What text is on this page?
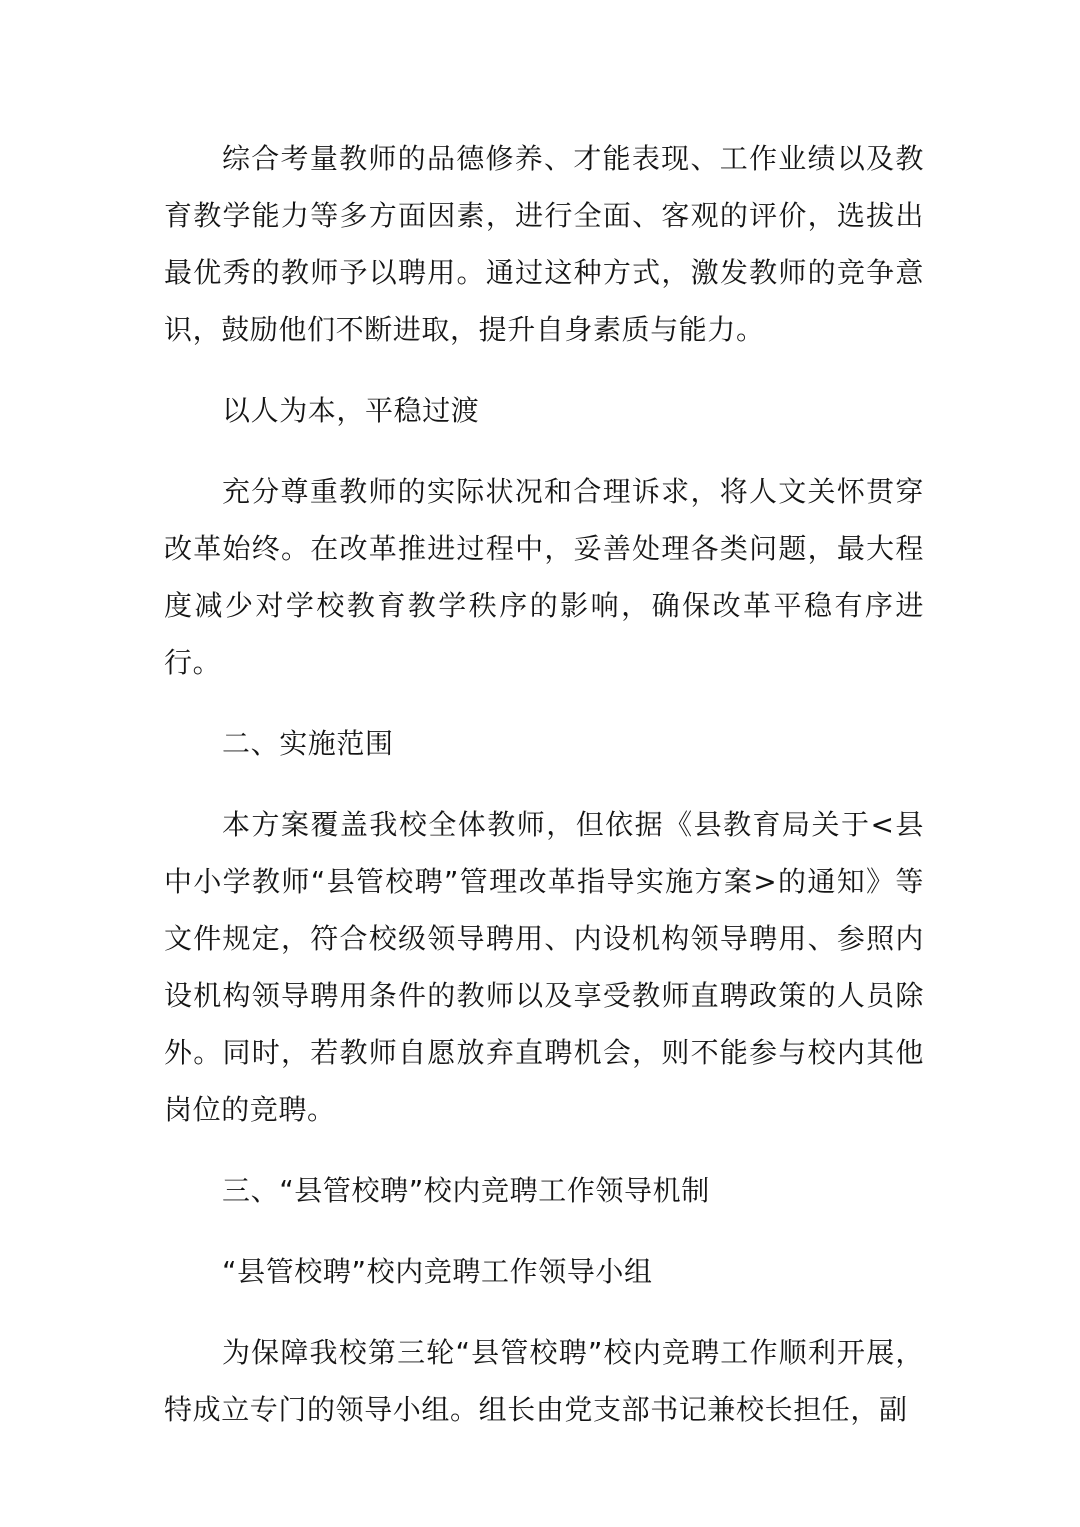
综合考量教师的品德修养、才能表现、工作业绩以及教育教学能力等多方面因素，进行全面、客观的评价，选拔出最优秀的教师予以聘用。通过这种方式，激发教师的竞争意识，鼓励他们不断进取，提升自身素质与能力。

以人为本，平稳过渡

充分尊重教师的实际状况和合理诉求，将人文关怀贯穿改革始终。在改革推进过程中，妥善处理各类问题，最大程度减少对学校教育教学秩序的影响，确保改革平稳有序进行。

二、实施范围

本方案覆盖我校全体教师，但依据《县教育局关于<县中小学教师“县管校聘”管理改革指导实施方案>的通知》等文件规定，符合校级领导聘用、内设机构领导聘用、参照内设机构领导聘用条件的教师以及享受教师直聘政策的人员除外。同时，若教师自愿放弃直聘机会，则不能参与校内其他岗位的竞聘。

三、“县管校聘”校内竞聘工作领导机制

“县管校聘”校内竞聘工作领导小组

为保障我校第三轮“县管校聘”校内竞聘工作顺利开展，特成立专门的领导小组。组长由党支部书记兼校长担任，副
